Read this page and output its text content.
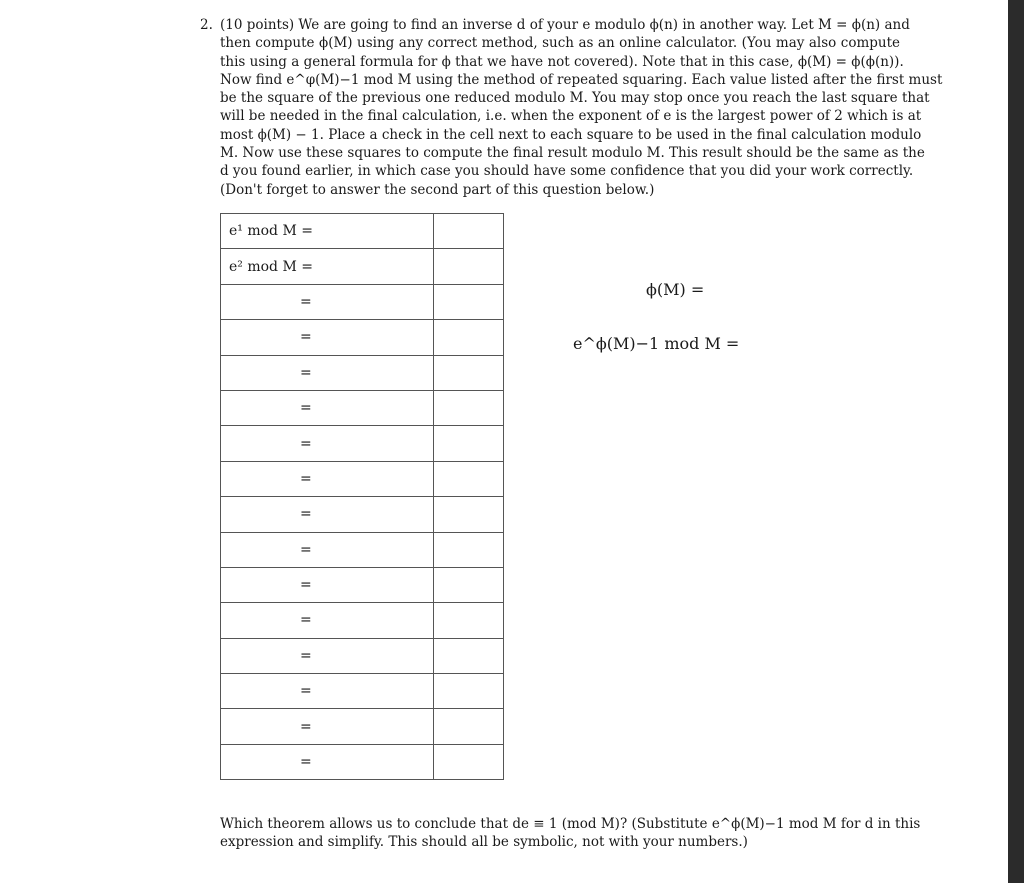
2. (10 points) We are going to find an inverse d of your e modulo ϕ(n) in another way. Let M = ϕ(n) and
then compute ϕ(M) using any correct method, such as an online calculator. (You may also compute
this using a general formula for ϕ that we have not covered). Note that in this case, ϕ(M) = ϕ(ϕ(n)).
Now find e^φ(M)−1 mod M using the method of repeated squaring. Each value listed after the first must
be the square of the previous one reduced modulo M. You may stop once you reach the last square that
will be needed in the final calculation, i.e. when the exponent of e is the largest power of 2 which is at
most ϕ(M) − 1. Place a check in the cell next to each square to be used in the final calculation modulo
M. Now use these squares to compute the final result modulo M. This result should be the same as the
d you found earlier, in which case you should have some confidence that you did your work correctly.
(Don't forget to answer the second part of this question below.)
e¹ mod M =	
e² mod M =	
=	
=	
=	
=	
=	
=	
=	
=	
=	
=	
=	
=	
=	
=	
ϕ(M) =
e^ϕ(M)−1 mod M =
Which theorem allows us to conclude that de ≡ 1 (mod M)? (Substitute e^ϕ(M)−1 mod M for d in this
expression and simplify. This should all be symbolic, not with your numbers.)
